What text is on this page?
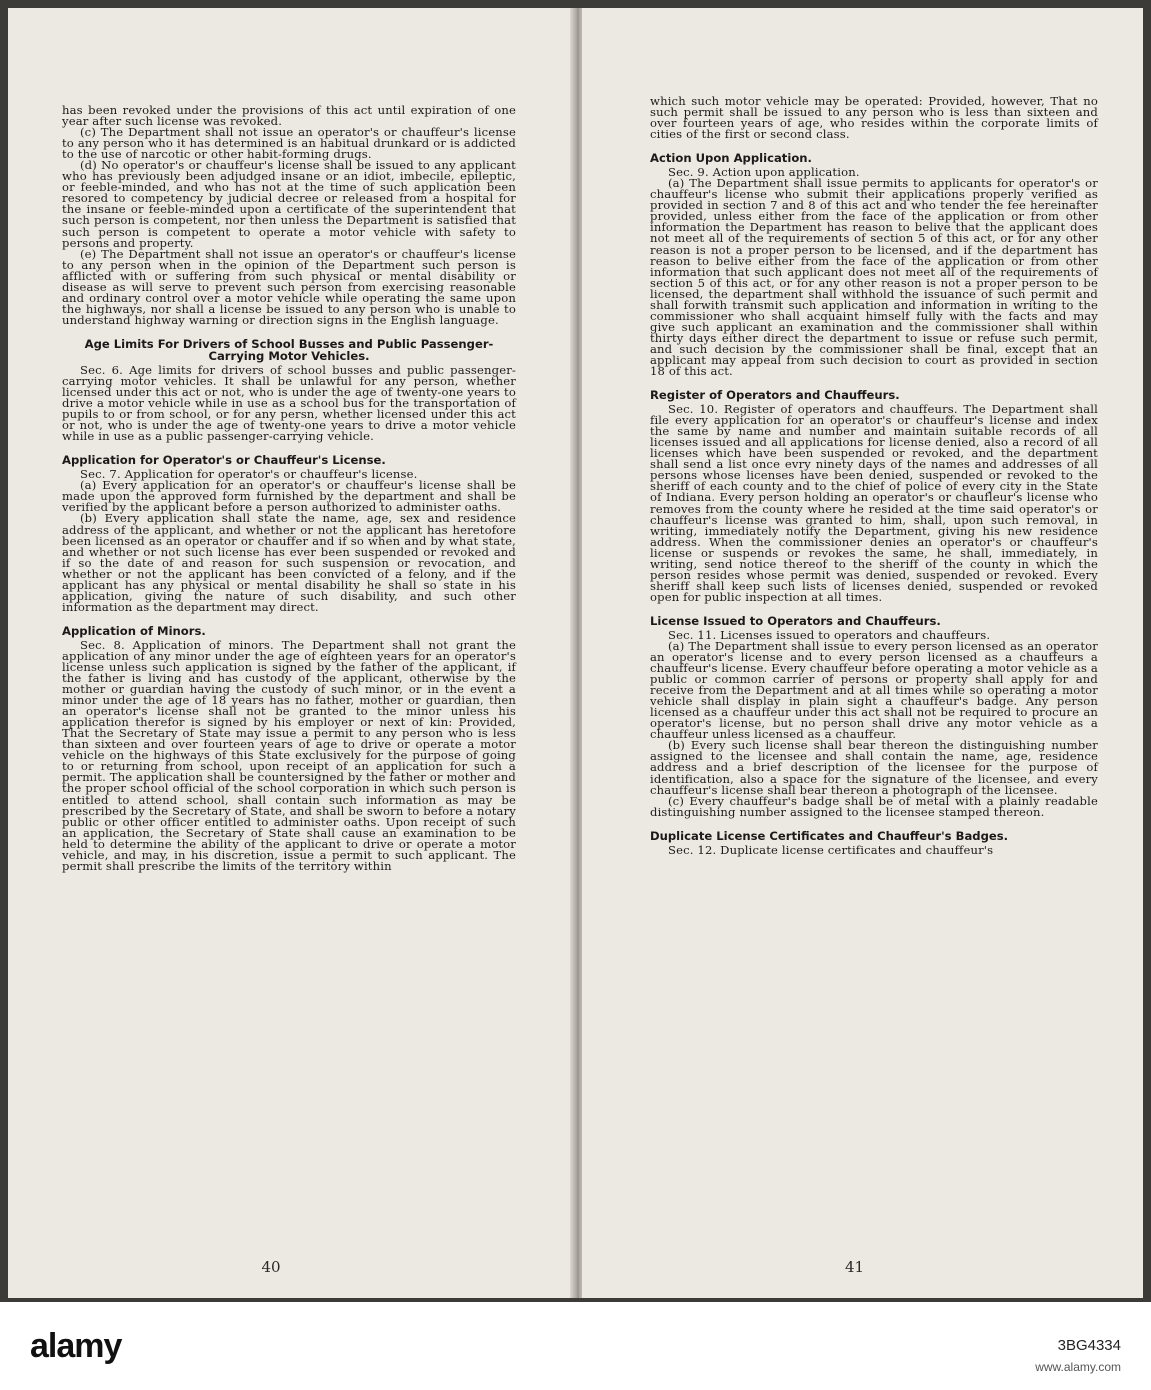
has been revoked under the provisions of this act until expiration of one year after such license was revoked.

(c) The Department shall not issue an operator's or chauffeur's license to any person who it has determined is an habitual drunkard or is addicted to the use of narcotic or other habit-forming drugs.

(d) No operator's or chauffeur's license shall be issued to any applicant who has previously been adjudged insane or an idiot, imbecile, epileptic, or feeble-minded, and who has not at the time of such application been resored to competency by judicial decree or released from a hospital for the insane or feeble-minded upon a certificate of the superintendent that such person is competent, nor then unless the Department is satisfied that such person is competent to operate a motor vehicle with safety to persons and property.

(e) The Department shall not issue an operator's or chauffeur's license to any person when in the opinion of the Department such person is afflicted with or suffering from such physical or mental disability or disease as will serve to prevent such person from exercising reasonable and ordinary control over a motor vehicle while operating the same upon the highways, nor shall a license be issued to any person who is unable to understand highway warning or direction signs in the English language.

Age Limits For Drivers of School Busses and Public Passenger-Carrying Motor Vehicles.

Sec. 6. Age limits for drivers of school busses and public passenger-carrying motor vehicles. It shall be unlawful for any person, whether licensed under this act or not, who is under the age of twenty-one years to drive a motor vehicle while in use as a school bus for the transportation of pupils to or from school, or for any persn, whether licensed under this act or not, who is under the age of twenty-one years to drive a motor vehicle while in use as a public passenger-carrying vehicle.

Application for Operator's or Chauffeur's License.

Sec. 7. Application for operator's or chauffeur's license.

(a) Every application for an operator's or chauffeur's license shall be made upon the approved form furnished by the department and shall be verified by the applicant before a person authorized to administer oaths.

(b) Every application shall state the name, age, sex and residence address of the applicant, and whether or not the applicant has heretofore been licensed as an operator or chauffer and if so when and by what state, and whether or not such license has ever been suspended or revoked and if so the date of and reason for such suspension or revocation, and whether or not the applicant has been convicted of a felony, and if the applicant has any physical or mental disability he shall so state in his application, giving the nature of such disability, and such other information as the department may direct.

Application of Minors.

Sec. 8. Application of minors. The Department shall not grant the application of any minor under the age of eighteen years for an operator's license unless such application is signed by the father of the applicant, if the father is living and has custody of the applicant, otherwise by the mother or guardian having the custody of such minor, or in the event a minor under the age of 18 years has no father, mother or guardian, then an operator's license shall not be granted to the minor unless his application therefor is signed by his employer or next of kin: Provided, That the Secretary of State may issue a permit to any person who is less than sixteen and over fourteen years of age to drive or operate a motor vehicle on the highways of this State exclusively for the purpose of going to or returning from school, upon receipt of an application for such a permit. The application shall be countersigned by the father or mother and the proper school official of the school corporation in which such person is entitled to attend school, shall contain such information as may be prescribed by the Secretary of State, and shall be sworn to before a notary public or other officer entitled to administer oaths. Upon receipt of such an application, the Secretary of State shall cause an examination to be held to determine the ability of the applicant to drive or operate a motor vehicle, and may, in his discretion, issue a permit to such applicant. The permit shall prescribe the limits of the territory within

40

which such motor vehicle may be operated: Provided, however, That no such permit shall be issued to any person who is less than sixteen and over fourteen years of age, who resides within the corporate limits of cities of the first or second class.

Action Upon Application.

Sec. 9. Action upon application.

(a) The Department shall issue permits to applicants for operator's or chauffeur's license who submit their applications properly verified as provided in section 7 and 8 of this act and who tender the fee hereinafter provided, unless either from the face of the application or from other information the Department has reason to belive that the applicant does not meet all of the requirements of section 5 of this act, or for any other reason is not a proper person to be licensed, and if the department has reason to belive either from the face of the application or from other information that such applicant does not meet all of the requirements of section 5 of this act, or for any other reason is not a proper person to be licensed, the department shall withhold the issuance of such permit and shall forwith transmit such application and information in writing to the commissioner who shall acquaint himself fully with the facts and may give such applicant an examination and the commissioner shall within thirty days either direct the department to issue or refuse such permit, and such decision by the commissioner shall be final, except that an applicant may appeal from such decision to court as provided in section 18 of this act.

Register of Operators and Chauffeurs.

Sec. 10. Register of operators and chauffeurs. The Department shall file every application for an operator's or chauffeur's license and index the same by name and number and maintain suitable records of all licenses issued and all applications for license denied, also a record of all licenses which have been suspended or revoked, and the department shall send a list once evry ninety days of the names and addresses of all persons whose licenses have been denied, suspended or revoked to the sheriff of each county and to the chief of police of every city in the State of Indiana. Every person holding an operator's or chaufleur's license who removes from the county where he resided at the time said operator's or chauffeur's license was granted to him, shall, upon such removal, in writing, immediately notify the Department, giving his new residence address. When the commissioner denies an operator's or chauffeur's license or suspends or revokes the same, he shall, immediately, in writing, send notice thereof to the sheriff of the county in which the person resides whose permit was denied, suspended or revoked. Every sheriff shall keep such lists of licenses denied, suspended or revoked open for public inspection at all times.

License Issued to Operators and Chauffeurs.

Sec. 11. Licenses issued to operators and chauffeurs.

(a) The Department shall issue to every person licensed as an operator an operator's license and to every person licensed as a chauffeurs a chauffeur's license. Every chauffeur before operating a motor vehicle as a public or common carrier of persons or property shall apply for and receive from the Department and at all times while so operating a motor vehicle shall display in plain sight a chauffeur's badge. Any person licensed as a chauffeur under this act shall not be required to procure an operator's license, but no person shall drive any motor vehicle as a chauffeur unless licensed as a chauffeur.

(b) Every such license shall bear thereon the distinguishing number assigned to the licensee and shall contain the name, age, residence address and a brief description of the licensee for the purpose of identification, also a space for the signature of the licensee, and every chauffeur's license shall bear thereon a photograph of the licensee.

(c) Every chauffeur's badge shall be of metal with a plainly readable distinguishing number assigned to the licensee stamped thereon.

Duplicate License Certificates and Chauffeur's Badges.

Sec. 12. Duplicate license certificates and chauffeur's

41
alamy	3BG4334
www.alamy.com
